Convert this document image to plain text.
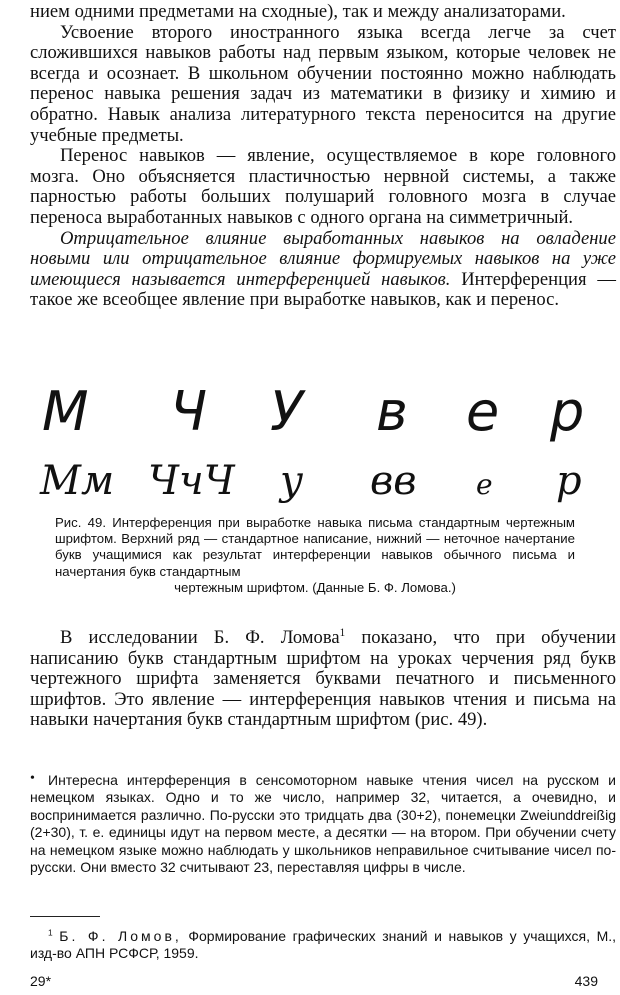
нием одними предметами на сходные), так и между анализаторами.

Усвоение второго иностранного языка всегда легче за счет сложившихся навыков работы над первым языком, которые человек не всегда и осознает. В школьном обучении постоянно можно наблюдать перенос навыка решения задач из математики в физику и химию и обратно. Навык анализа литературного текста переносится на другие учебные предметы.

Перенос навыков — явление, осуществляемое в коре головного мозга. Оно объясняется пластичностью нервной системы, а также парностью работы больших полушарий головного мозга в случае переноса выработанных навыков с одного органа на симметричный.

Отрицательное влияние выработанных навыков на овладение новыми или отрицательное влияние формируемых навыков на уже имеющиеся называется интерференцией навыков. Интерференция — такое же всеобщее явление при выработке навыков, как и перенос.

М Ч У в е р
Мм ЧчЧ у вв е р

Рис. 49. Интерференция при выработке навыка письма стандартным чертежным шрифтом. Верхний ряд — стандартное написание, нижний — неточное начертание букв учащимися как результат интерференции навыков обычного письма и начертания букв стандартным
чертежным шрифтом. (Данные Б. Ф. Ломова.)

В исследовании Б. Ф. Ломова$^1$ показано, что при обучении написанию букв стандартным шрифтом на уроках черчения ряд букв чертежного шрифта заменяется буквами печатного и письменного шрифтов. Это явление — интерференция навыков чтения и письма на навыки начертания букв стандартным шрифтом (рис. 49).

• Интересна интерференция в сенсомоторном навыке чтения чисел на русском и немецком языках. Одно и то же число, например 32, читается, а очевидно, и воспринимается различно. По-русски это тридцать два (30+2), понемецки Zweiunddreißig (2+30), т. е. единицы идут на первом месте, а десятки — на втором. При обучении счету на немецком языке можно наблюдать у школьников неправильное считывание чисел по-русски. Они вместо 32 считывают 23, переставляя цифры в числе.

$^1$ Б. Ф. Ломов, Формирование графических знаний и навыков у учащихся, М., изд-во АПН РСФСР, 1959.

29*	439
